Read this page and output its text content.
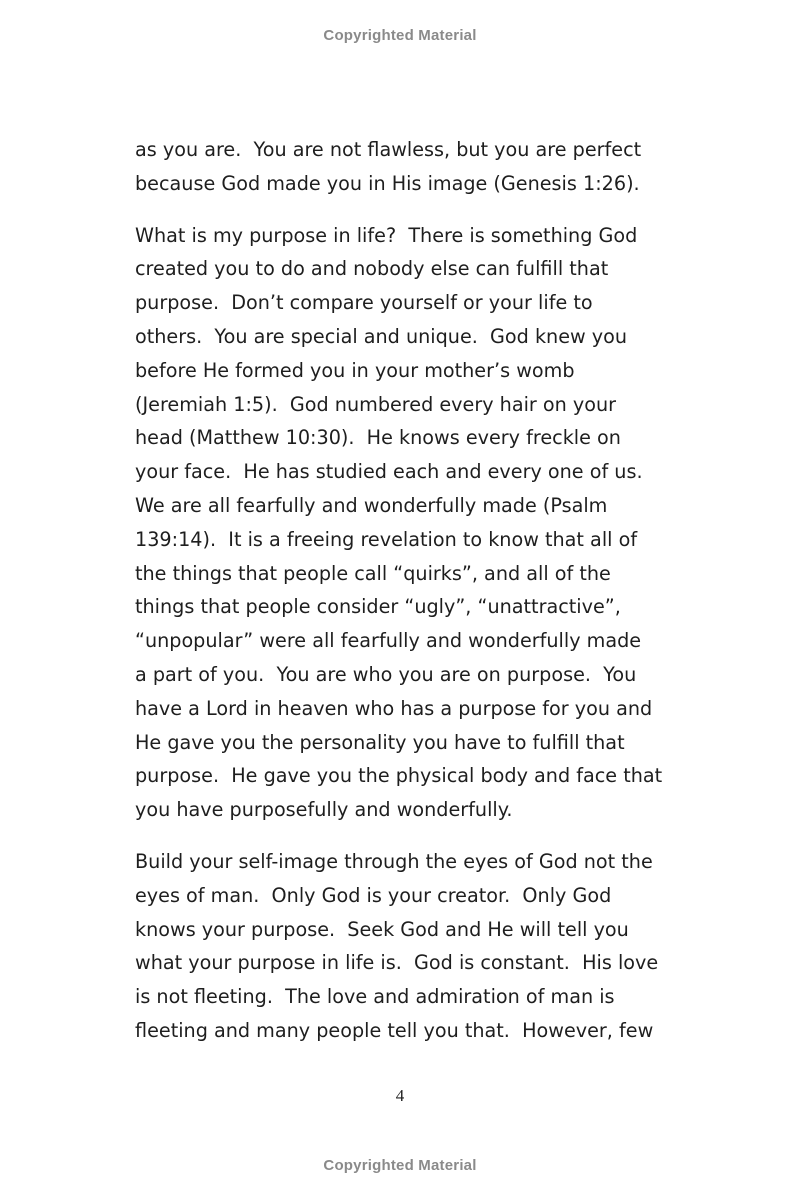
Copyrighted Material
as you are.  You are not flawless, but you are perfect
because God made you in His image (Genesis 1:26).
What is my purpose in life?  There is something God
created you to do and nobody else can fulfill that
purpose.  Don’t compare yourself or your life to
others.  You are special and unique.  God knew you
before He formed you in your mother’s womb
(Jeremiah 1:5).  God numbered every hair on your
head (Matthew 10:30).  He knows every freckle on
your face.  He has studied each and every one of us.
We are all fearfully and wonderfully made (Psalm
139:14).  It is a freeing revelation to know that all of
the things that people call “quirks”, and all of the
things that people consider “ugly”, “unattractive”,
“unpopular” were all fearfully and wonderfully made
a part of you.  You are who you are on purpose.  You
have a Lord in heaven who has a purpose for you and
He gave you the personality you have to fulfill that
purpose.  He gave you the physical body and face that
you have purposefully and wonderfully.
Build your self-image through the eyes of God not the
eyes of man.  Only God is your creator.  Only God
knows your purpose.  Seek God and He will tell you
what your purpose in life is.  God is constant.  His love
is not fleeting.  The love and admiration of man is
fleeting and many people tell you that.  However, few
4
Copyrighted Material
